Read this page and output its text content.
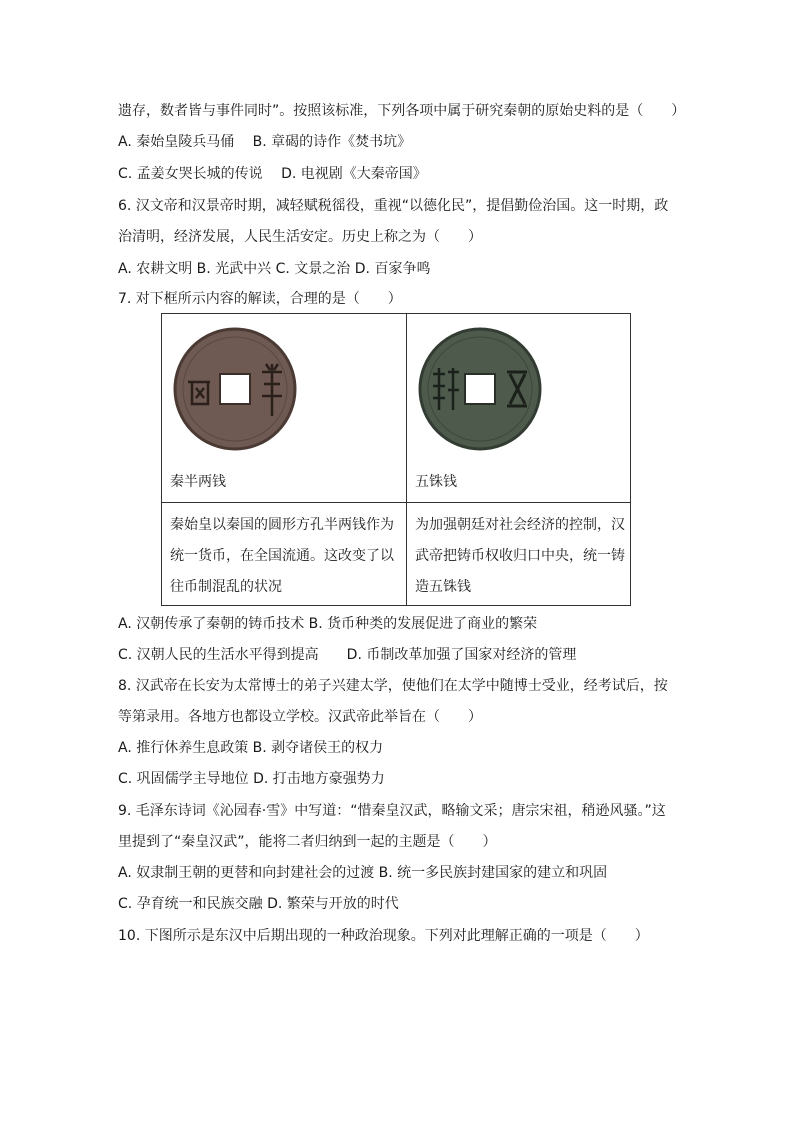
遗存，数者皆与事件同时”。按照该标准，下列各项中属于研究秦朝的原始史料的是（　　）
A. 秦始皇陵兵马俑　 B. 章碣的诗作《焚书坑》
C. 孟姜女哭长城的传说　 D. 电视剧《大秦帝国》
6. 汉文帝和汉景帝时期，减轻赋税徭役，重视“以德化民”，提倡勤俭治国。这一时期，政
治清明，经济发展，人民生活安定。历史上称之为（　　）
A. 农耕文明 B. 光武中兴 C. 文景之治 D. 百家争鸣
7. 对下框所示内容的解读，合理的是（　　）
秦半两钱	五铢钱
秦始皇以秦国的圆形方孔半两钱作为统一货币，在全国流通。这改变了以往币制混乱的状况
为加强朝廷对社会经济的控制，汉武帝把铸币权收归口中央，统一铸造五铢钱
A. 汉朝传承了秦朝的铸币技术 B. 货币种类的发展促进了商业的繁荣
C. 汉朝人民的生活水平得到提高　　D. 币制改革加强了国家对经济的管理
8. 汉武帝在长安为太常博士的弟子兴建太学，使他们在太学中随博士受业，经考试后，按
等第录用。各地方也都设立学校。汉武帝此举旨在（　　）
A. 推行休养生息政策 B. 剥夺诸侯王的权力
C. 巩固儒学主导地位 D. 打击地方豪强势力
9. 毛泽东诗词《沁园春·雪》中写道：“惜秦皇汉武，略输文采；唐宗宋祖，稍逊风骚。”这
里提到了“秦皇汉武”，能将二者归纳到一起的主题是（　　）
A. 奴隶制王朝的更替和向封建社会的过渡 B. 统一多民族封建国家的建立和巩固
C. 孕育统一和民族交融 D. 繁荣与开放的时代
10. 下图所示是东汉中后期出现的一种政治现象。下列对此理解正确的一项是（　　）
